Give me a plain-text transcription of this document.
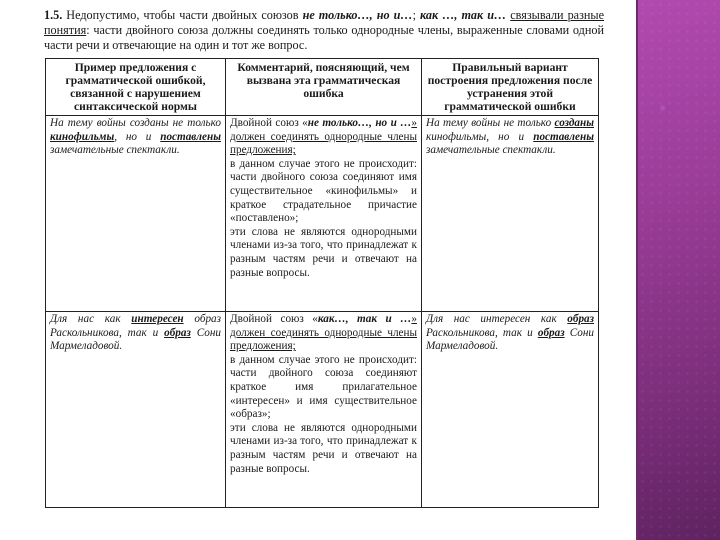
1.5. Недопустимо, чтобы части двойных союзов не только…, но и…; как …, так и… связывали разные понятия: части двойного союза должны соединять только однородные члены, выраженные словами одной части речи и отвечающие на один и тот же вопрос.

Пример предложения с грамматической ошибкой, связанной с нарушением синтаксической нормы	Комментарий, поясняющий, чем вызвана эта грамматическая ошибка	Правильный вариант построения предложения после устранения этой грамматической ошибки
На тему войны созданы не только кинофильмы, но и поставлены замечательные спектакли.	Двойной союз «не только…, но и …» должен соединять однородные члены предложения;

в данном случае этого не происходит: части двойного союза соединяют имя существительное «кинофильмы» и краткое страдательное причастие «поставлено»;

эти слова не являются однородными членами из-за того, что принадлежат к разным частям речи и отвечают на разные вопросы.	На тему войны не только созданы кинофильмы, но и поставлены замечательные спектакли.
Для нас как интересен образ Раскольникова, так и образ Сони Мармеладовой.	Двойной союз «как…, так и …» должен соединять однородные члены предложения;

в данном случае этого не происходит: части двойного союза соединяют краткое имя прилагательное «интересен» и имя существительное «образ»;

эти слова не являются однородными членами из-за того, что принадлежат к разным частям речи и отвечают на разные вопросы.	Для нас интересен как образ Раскольникова, так и образ Сони Мармеладовой.
